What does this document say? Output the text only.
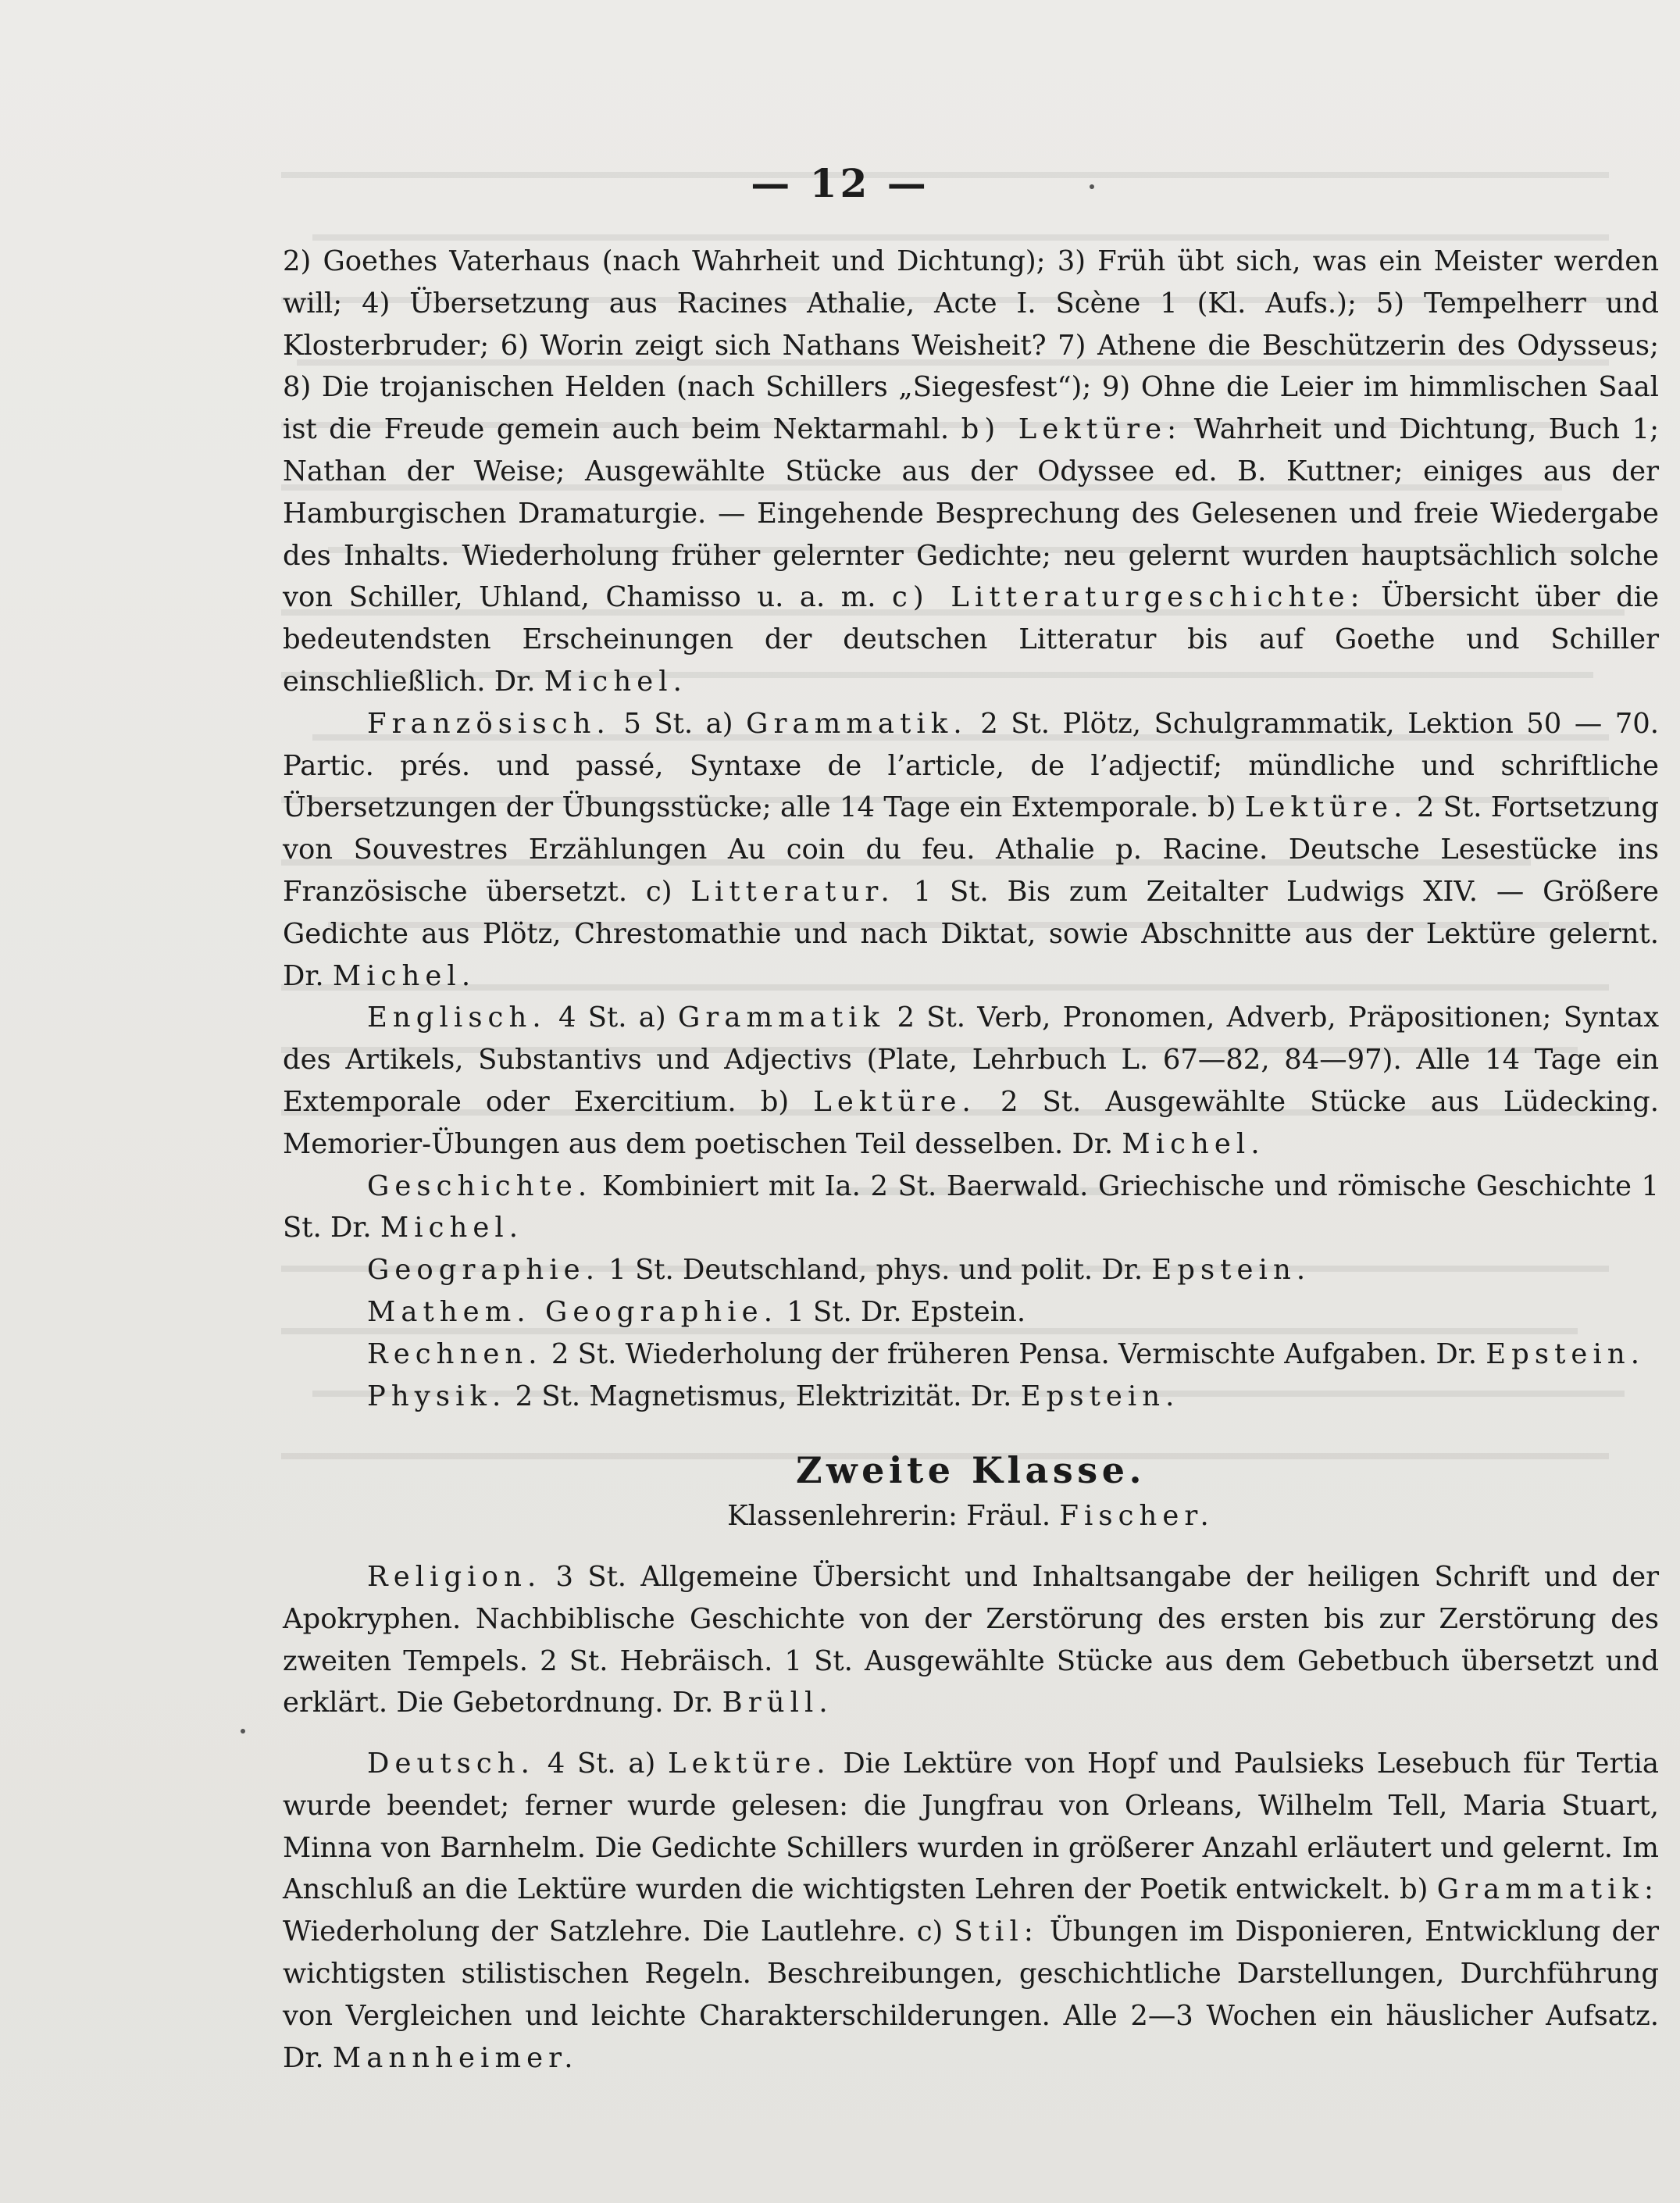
— 12 —

2) Goethes Vaterhaus (nach Wahrheit und Dichtung); 3) Früh übt sich, was ein Meister werden will; 4) Übersetzung aus Racines Athalie, Acte I. Scène 1 (Kl. Aufs.); 5) Tempelherr und Klosterbruder; 6) Worin zeigt sich Nathans Weisheit? 7) Athene die Beschützerin des Odysseus; 8) Die trojanischen Helden (nach Schillers „Siegesfest“); 9) Ohne die Leier im himmlischen Saal ist die Freude gemein auch beim Nektarmahl. b) Lektüre: Wahrheit und Dichtung, Buch 1; Nathan der Weise; Ausgewählte Stücke aus der Odyssee ed. B. Kuttner; einiges aus der Hamburgischen Dramaturgie. — Eingehende Besprechung des Gelesenen und freie Wiedergabe des Inhalts. Wiederholung früher gelernter Gedichte; neu gelernt wurden hauptsächlich solche von Schiller, Uhland, Chamisso u. a. m. c) Litteraturgeschichte: Übersicht über die bedeutendsten Erscheinungen der deutschen Litteratur bis auf Goethe und Schiller einschließlich. Dr. Michel.

Französisch. 5 St. a) Grammatik. 2 St. Plötz, Schulgrammatik, Lektion 50 — 70. Partic. prés. und passé, Syntaxe de l’article, de l’adjectif; mündliche und schriftliche Übersetzungen der Übungsstücke; alle 14 Tage ein Extemporale. b) Lektüre. 2 St. Fortsetzung von Souvestres Erzählungen Au coin du feu. Athalie p. Racine. Deutsche Lesestücke ins Französische übersetzt. c) Litteratur. 1 St. Bis zum Zeitalter Ludwigs XIV. — Größere Gedichte aus Plötz, Chrestomathie und nach Diktat, sowie Abschnitte aus der Lektüre gelernt. Dr. Michel.

Englisch. 4 St. a) Grammatik 2 St. Verb, Pronomen, Adverb, Präpositionen; Syntax des Artikels, Substantivs und Adjectivs (Plate, Lehrbuch L. 67—82, 84—97). Alle 14 Tage ein Extemporale oder Exercitium. b) Lektüre. 2 St. Ausgewählte Stücke aus Lüdecking. Memorier-Übungen aus dem poetischen Teil desselben. Dr. Michel.

Geschichte. Kombiniert mit Ia. 2 St. Baerwald. Griechische und römische Geschichte 1 St. Dr. Michel.

Geographie. 1 St. Deutschland, phys. und polit. Dr. Epstein.

Mathem. Geographie. 1 St. Dr. Epstein.

Rechnen. 2 St. Wiederholung der früheren Pensa. Vermischte Aufgaben. Dr. Epstein.

Physik. 2 St. Magnetismus, Elektrizität. Dr. Epstein.

Zweite Klasse.

Klassenlehrerin: Fräul. Fischer.

Religion. 3 St. Allgemeine Übersicht und Inhaltsangabe der heiligen Schrift und der Apokryphen. Nachbiblische Geschichte von der Zerstörung des ersten bis zur Zerstörung des zweiten Tempels. 2 St. Hebräisch. 1 St. Ausgewählte Stücke aus dem Gebetbuch übersetzt und erklärt. Die Gebetordnung. Dr. Brüll.

Deutsch. 4 St. a) Lektüre. Die Lektüre von Hopf und Paulsieks Lesebuch für Tertia wurde beendet; ferner wurde gelesen: die Jungfrau von Orleans, Wilhelm Tell, Maria Stuart, Minna von Barnhelm. Die Gedichte Schillers wurden in größerer Anzahl erläutert und gelernt. Im Anschluß an die Lektüre wurden die wichtigsten Lehren der Poetik entwickelt. b) Grammatik: Wiederholung der Satzlehre. Die Lautlehre. c) Stil: Übungen im Disponieren, Entwicklung der wichtigsten stilistischen Regeln. Beschreibungen, geschichtliche Darstellungen, Durchführung von Vergleichen und leichte Charakterschilderungen. Alle 2—3 Wochen ein häuslicher Aufsatz. Dr. Mannheimer.
